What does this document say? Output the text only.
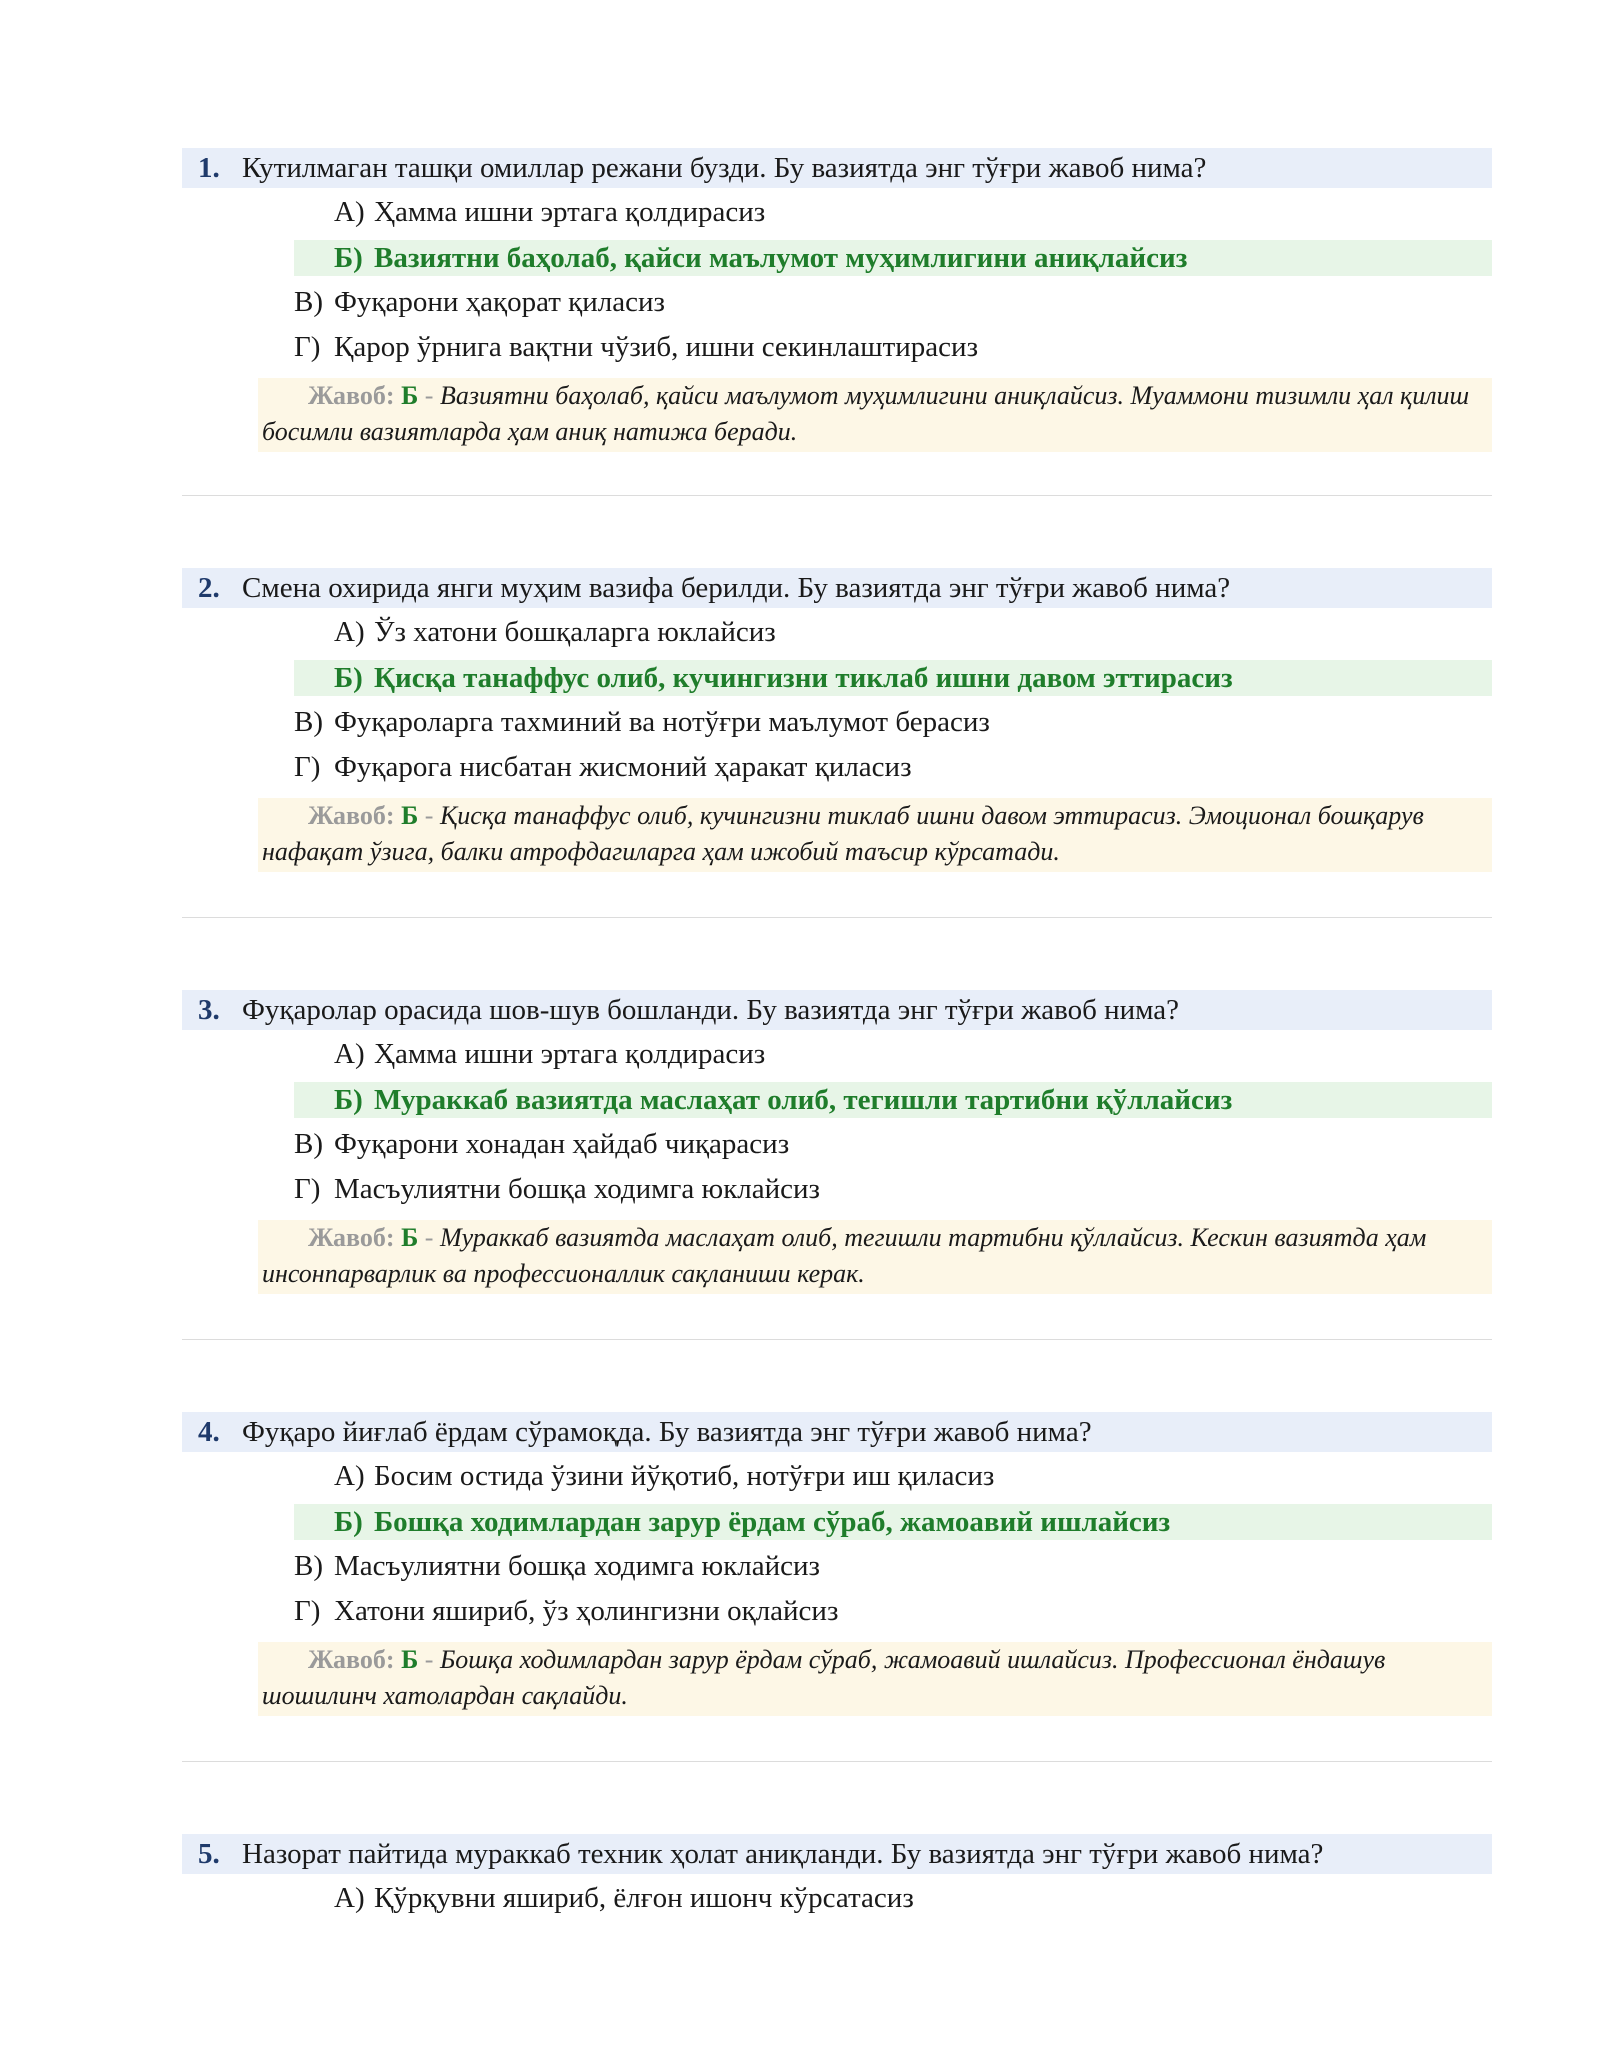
1. Кутилмаган ташқи омиллар режани бузди. Бу вазиятда энг тўғри жавоб нима?
А) Ҳамма ишни эртага қолдирасиз
Б) Вазиятни баҳолаб, қайси маълумот муҳимлигини аниқлайсиз
В) Фуқарони ҳақорат қиласиз
Г) Қарор ўрнига вақтни чўзиб, ишни секинлаштирасиз
Жавоб: Б - Вазиятни баҳолаб, қайси маълумот муҳимлигини аниқлайсиз. Муаммони тизимли ҳал қилиш босимли вазиятларда ҳам аниқ натижа беради.
2. Смена охирида янги муҳим вазифа берилди. Бу вазиятда энг тўғри жавоб нима?
А) Ўз хатони бошқаларга юклайсиз
Б) Қисқа танаффус олиб, кучингизни тиклаб ишни давом эттирасиз
В) Фуқароларга тахминий ва нотўғри маълумот берасиз
Г) Фуқарога нисбатан жисмоний ҳаракат қиласиз
Жавоб: Б - Қисқа танаффус олиб, кучингизни тиклаб ишни давом эттирасиз. Эмоционал бошқарув нафақат ўзига, балки атрофдагиларга ҳам ижобий таъсир кўрсатади.
3. Фуқаролар орасида шов-шув бошланди. Бу вазиятда энг тўғри жавоб нима?
А) Ҳамма ишни эртага қолдирасиз
Б) Мураккаб вазиятда маслаҳат олиб, тегишли тартибни қўллайсиз
В) Фуқарони хонадан ҳайдаб чиқарасиз
Г) Масъулиятни бошқа ходимга юклайсиз
Жавоб: Б - Мураккаб вазиятда маслаҳат олиб, тегишли тартибни қўллайсиз. Кескин вазиятда ҳам инсонпарварлик ва профессионаллик сақланиши керак.
4. Фуқаро йиғлаб ёрдам сўрамоқда. Бу вазиятда энг тўғри жавоб нима?
А) Босим остида ўзини йўқотиб, нотўғри иш қиласиз
Б) Бошқа ходимлардан зарур ёрдам сўраб, жамоавий ишлайсиз
В) Масъулиятни бошқа ходимга юклайсиз
Г) Хатони яшириб, ўз ҳолингизни оқлайсиз
Жавоб: Б - Бошқа ходимлардан зарур ёрдам сўраб, жамоавий ишлайсиз. Профессионал ёндашув шошилинч хатолардан сақлайди.
5. Назорат пайтида мураккаб техник ҳолат аниқланди. Бу вазиятда энг тўғри жавоб нима?
А) Қўрқувни яшириб, ёлғон ишонч кўрсатасиз
